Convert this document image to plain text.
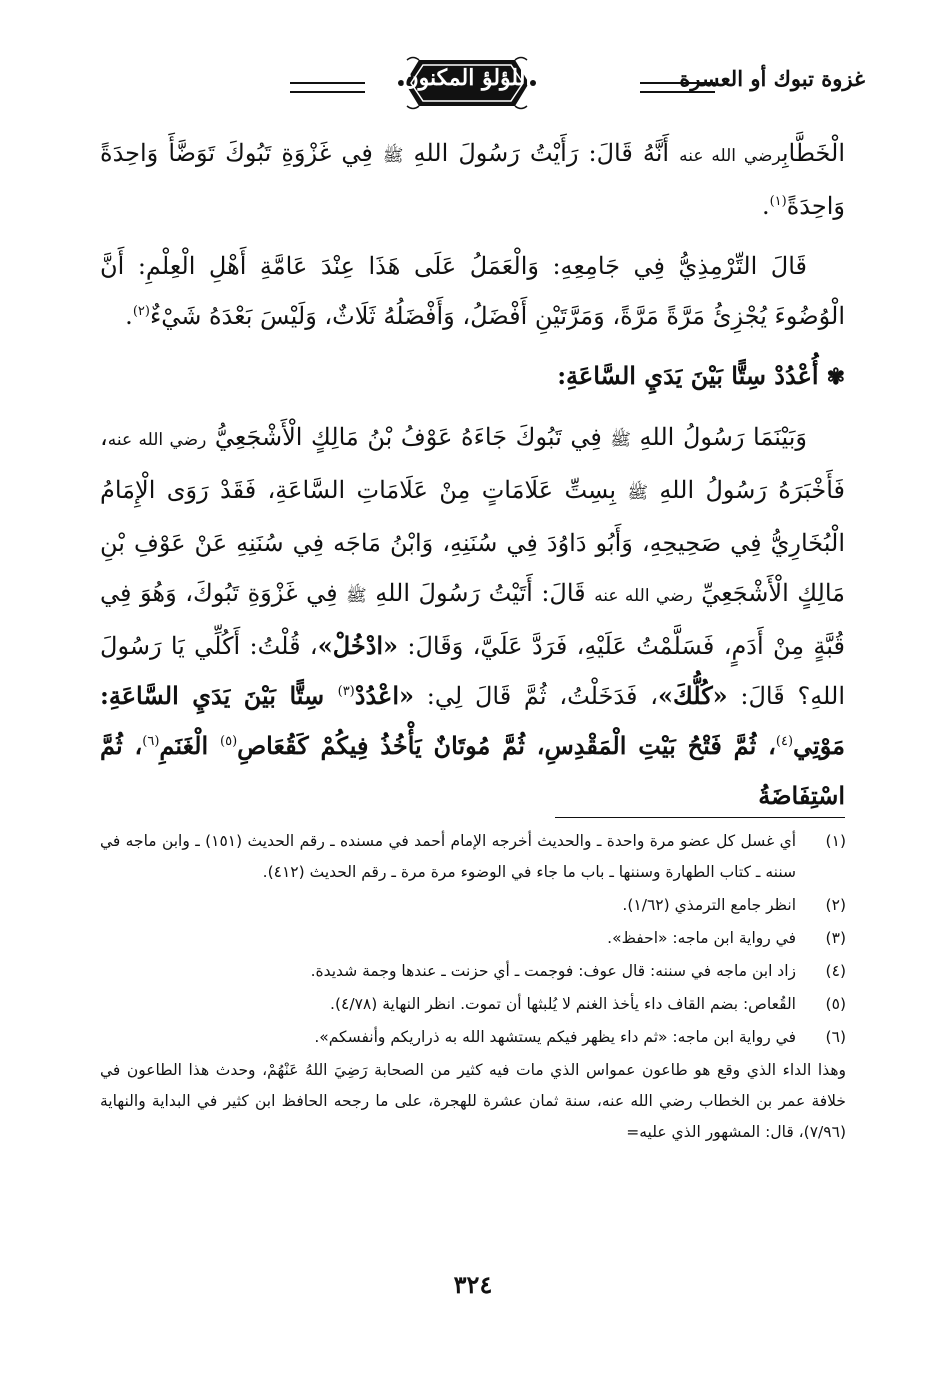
غزوة تبوك أو العسرة
اللؤلؤ المكنون

الْخَطَّابِرضي الله عنه أَنَّهُ قَالَ: رَأَيْتُ رَسُولَ اللهِ ﷺ فِي غَزْوَةِ تَبُوكَ تَوَضَّأَ وَاحِدَةً وَاحِدَةً$^{(١)}$.

قَالَ التِّرْمِذِيُّ فِي جَامِعِهِ: وَالْعَمَلُ عَلَى هَذَا عِنْدَ عَامَّةِ أَهْلِ الْعِلْمِ: أَنَّ الْوُضُوءَ يُجْزِئُ مَرَّةً مَرَّةً، وَمَرَّتَيْنِ أَفْضَلُ، وَأَفْضَلُهُ ثَلَاثٌ، وَلَيْسَ بَعْدَهُ شَيْءٌ$^{(٢)}$.

✾أُعْدُدْ سِتًّا بَيْنَ يَدَيِ السَّاعَةِ:

وَبَيْنَمَا رَسُولُ اللهِ ﷺ فِي تَبُوكَ جَاءَهُ عَوْفُ بْنُ مَالِكٍ الْأَشْجَعِيُّ رضي الله عنه، فَأَخْبَرَهُ رَسُولُ اللهِ ﷺ بِسِتِّ عَلَامَاتٍ مِنْ عَلَامَاتِ السَّاعَةِ، فَقَدْ رَوَى الْإِمَامُ الْبُخَارِيُّ فِي صَحِيحِهِ، وَأَبُو دَاوُدَ فِي سُنَنِهِ، وَابْنُ مَاجَه فِي سُنَنِهِ عَنْ عَوْفِ بْنِ مَالِكٍ الْأَشْجَعِيِّ رضي الله عنه قَالَ: أَتَيْتُ رَسُولَ اللهِ ﷺ فِي غَزْوَةِ تَبُوكَ، وَهُوَ فِي قُبَّةٍ مِنْ أَدَمٍ، فَسَلَّمْتُ عَلَيْهِ، فَرَدَّ عَلَيَّ، وَقَالَ: «ادْخُلْ»، قُلْتُ: أَكُلِّي يَا رَسُولَ اللهِ؟ قَالَ: «كُلُّكَ»، فَدَخَلْتُ، ثُمَّ قَالَ لِي: «اعْدُدْ$^{(٣)}$ سِتًّا بَيْنَ يَدَيِ السَّاعَةِ: مَوْتِي$^{(٤)}$، ثُمَّ فَتْحُ بَيْتِ الْمَقْدِسِ، ثُمَّ مُوتَانٌ يَأْخُذُ فِيكُمْ كَقُعَاصِ$^{(٥)}$ الْغَنَمِ$^{(٦)}$، ثُمَّ اسْتِفَاضَةُ

(١)
أي غسل كل عضو مرة واحدة ـ والحديث أخرجه الإمام أحمد في مسنده ـ رقم الحديث (١٥١) ـ وابن ماجه في سننه ـ كتاب الطهارة وسننها ـ باب ما جاء في الوضوء مرة مرة ـ رقم الحديث (٤١٢).
(٢)
انظر جامع الترمذي (١/٦٢).
(٣)
في رواية ابن ماجه: «احفظ».
(٤)
زاد ابن ماجه في سننه: قال عوف: فوجمت ـ أي حزنت ـ عندها وجمة شديدة.
(٥)
القُعاص: بضم القاف داء يأخذ الغنم لا يُلبثها أن تموت. انظر النهاية (٤/٧٨).
(٦)
في رواية ابن ماجه: «ثم داء يظهر فيكم يستشهد الله به ذراريكم وأنفسكم».
وهذا الداء الذي وقع هو طاعون عمواس الذي مات فيه كثير من الصحابة رَضِيَ اللهُ عَنْهُمْ، وحدث هذا الطاعون في خلافة عمر بن الخطاب رضي الله عنه، سنة ثمان عشرة للهجرة، على ما رجحه الحافظ ابن كثير في البداية والنهاية (٧/٩٦)، قال: المشهور الذي عليه=
٣٢٤
